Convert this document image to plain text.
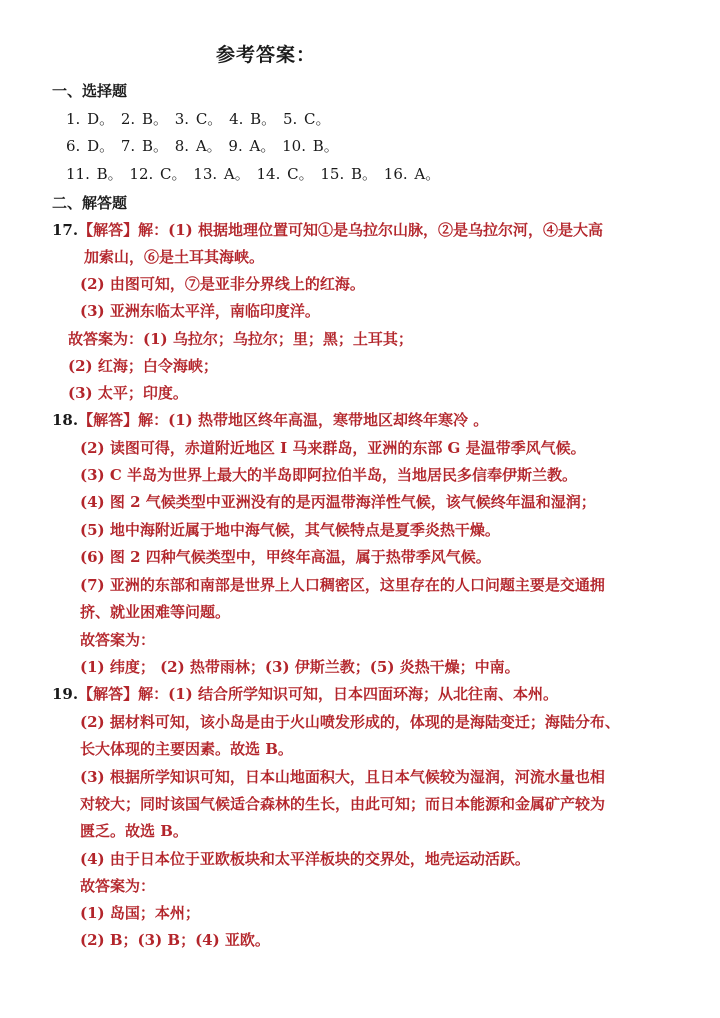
参考答案：
一、选择题
1. D。 2. B。 3. C。 4. B。 5. C。
6. D。 7. B。 8. A。 9. A。 10. B。
11. B。 12. C。 13. A。 14. C。 15. B。 16. A。
二、解答题
17.【解答】解：(1) 根据地理位置可知①是乌拉尔山脉，②是乌拉尔河，④是大高
加索山，⑥是土耳其海峡。
(2) 由图可知，⑦是亚非分界线上的红海。
(3) 亚洲东临太平洋，南临印度洋。
故答案为：(1) 乌拉尔；乌拉尔；里；黑；土耳其；
(2) 红海；白令海峡；
(3) 太平；印度。
18.【解答】解：(1) 热带地区终年高温，寒带地区却终年寒冷 。
(2) 读图可得，赤道附近地区 I 马来群岛，亚洲的东部 G 是温带季风气候。
(3) C 半岛为世界上最大的半岛即阿拉伯半岛，当地居民多信奉伊斯兰教。
(4) 图 2 气候类型中亚洲没有的是丙温带海洋性气候，该气候终年温和湿润；
(5) 地中海附近属于地中海气候，其气候特点是夏季炎热干燥。
(6) 图 2 四种气候类型中，甲终年高温，属于热带季风气候。
(7) 亚洲的东部和南部是世界上人口稠密区，这里存在的人口问题主要是交通拥
挤、就业困难等问题。
故答案为：
(1) 纬度； (2) 热带雨林；(3) 伊斯兰教；(5) 炎热干燥；中南。
19.【解答】解：(1) 结合所学知识可知，日本四面环海；从北往南、本州。
(2) 据材料可知，该小岛是由于火山喷发形成的，体现的是海陆变迁；海陆分布、
长大体现的主要因素。故选 B。
(3) 根据所学知识可知，日本山地面积大，且日本气候较为湿润，河流水量也相
对较大；同时该国气候适合森林的生长，由此可知；而日本能源和金属矿产较为
匮乏。故选 B。
(4) 由于日本位于亚欧板块和太平洋板块的交界处，地壳运动活跃。
故答案为：
(1) 岛国；本州；
(2) B；(3) B；(4) 亚欧。
